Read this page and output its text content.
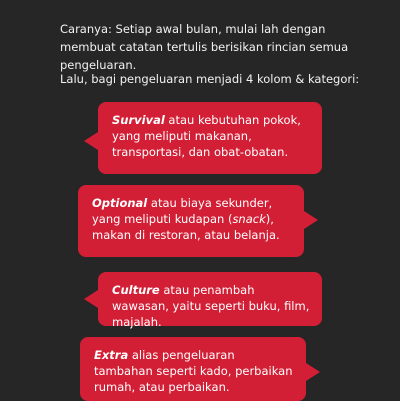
Caranya: Setiap awal bulan, mulai lah dengan membuat catatan tertulis berisikan rincian semua pengeluaran.

Lalu, bagi pengeluaran menjadi 4 kolom & kategori:

Survival atau kebutuhan pokok, yang meliputi makanan, transportasi, dan obat-obatan.
Optional atau biaya sekunder, yang meliputi kudapan (snack), makan di restoran, atau belanja.
Culture atau penambah wawasan, yaitu seperti buku, film, majalah.
Extra alias pengeluaran tambahan seperti kado, perbaikan rumah, atau perbaikan.
